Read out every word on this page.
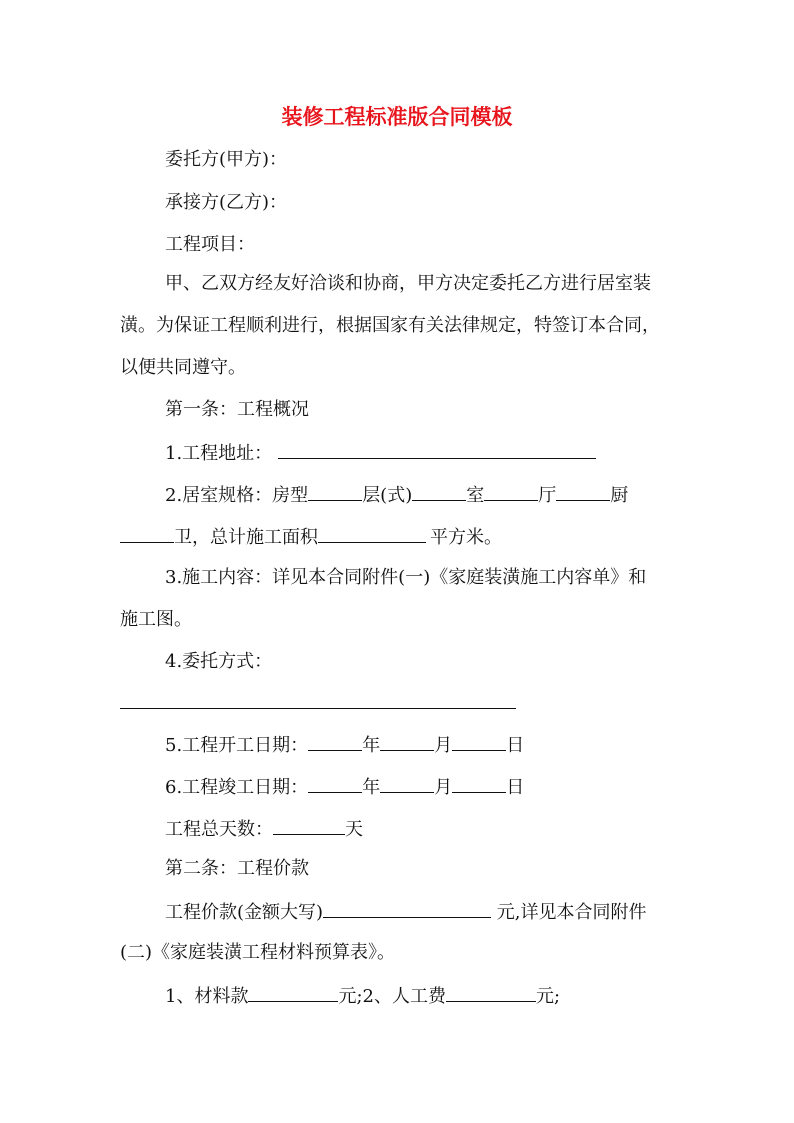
装修工程标准版合同模板
委托方(甲方)：
承接方(乙方)：
工程项目：
甲、乙双方经友好洽谈和协商，甲方决定委托乙方进行居室装
潢。为保证工程顺利进行，根据国家有关法律规定，特签订本合同，
以便共同遵守。
第一条：工程概况
1.工程地址：
2.居室规格：房型	层(式)	室	厅	厨
卫，总计施工面积	平方米。
3.施工内容：详见本合同附件(一)《家庭装潢施工内容单》和
施工图。
4.委托方式：
5.工程开工日期：	年	月	日
6.工程竣工日期：	年	月	日
工程总天数：	天
第二条：工程价款
工程价款(金额大写)	元,详见本合同附件
(二)《家庭装潢工程材料预算表》。
1、材料款	元;2、人工费	元;
